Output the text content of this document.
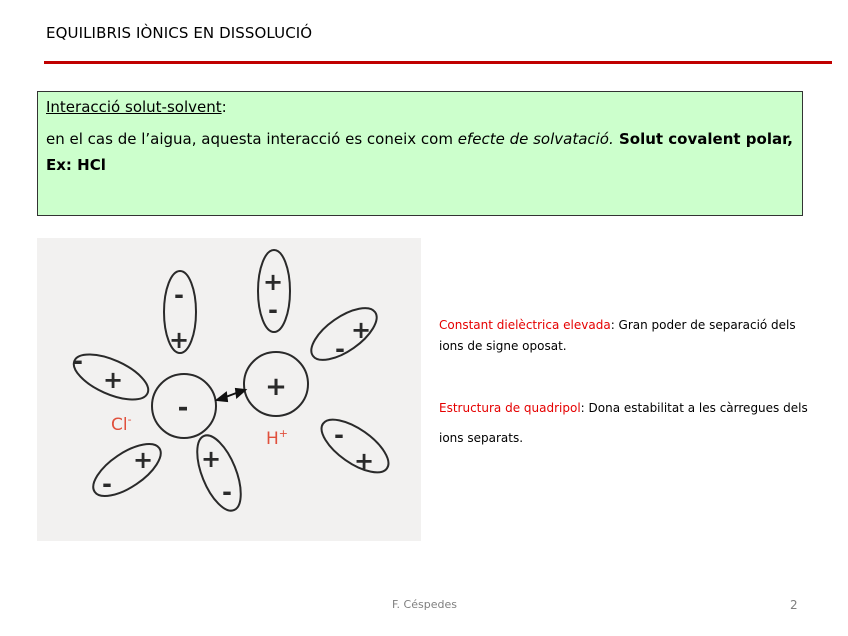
EQUILIBRIS IÒNICS EN DISSOLUCIÓ
Interacció solut-solvent:
en el cas de l’aigua, aquesta interacció es coneix com efecte de solvatació. Solut covalent polar, Ex: HCl
-
+
+
-
-
+
+
-
+
-
+
-
-
+
-
+
Cl-
H+
Constant dielèctrica elevada: Gran poder de separació dels ions de signe oposat.
Estructura de quadripol: Dona estabilitat a les càrregues dels ions separats.
F. Céspedes	2
